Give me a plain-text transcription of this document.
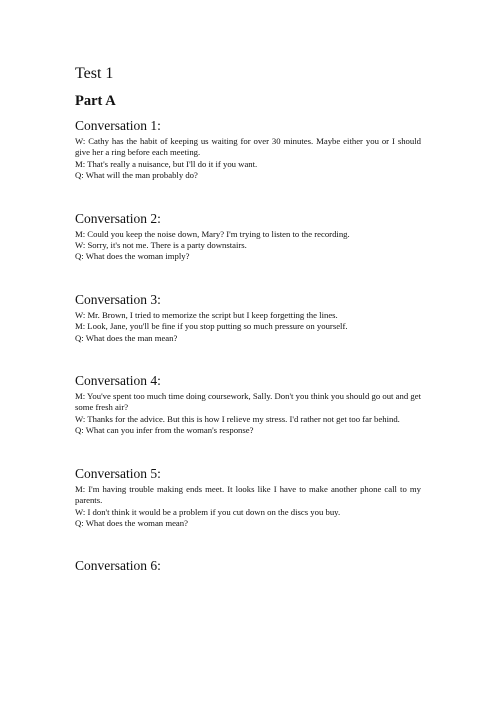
Test 1
Part A
Conversation 1:

W: Cathy has the habit of keeping us waiting for over 30 minutes. Maybe either you or I should give her a ring before each meeting.

M: That's really a nuisance, but I'll do it if you want.

Q: What will the man probably do?

Conversation 2:

M: Could you keep the noise down, Mary? I'm trying to listen to the recording.

W: Sorry, it's not me. There is a party downstairs.

Q: What does the woman imply?

Conversation 3:

W: Mr. Brown, I tried to memorize the script but I keep forgetting the lines.

M: Look, Jane, you'll be fine if you stop putting so much pressure on yourself.

Q: What does the man mean?

Conversation 4:

M: You've spent too much time doing coursework, Sally. Don't you think you should go out and get some fresh air?

W: Thanks for the advice. But this is how I relieve my stress. I'd rather not get too far behind.

Q: What can you infer from the woman's response?

Conversation 5:

M: I'm having trouble making ends meet. It looks like I have to make another phone call to my parents.

W: I don't think it would be a problem if you cut down on the discs you buy.

Q: What does the woman mean?

Conversation 6:
